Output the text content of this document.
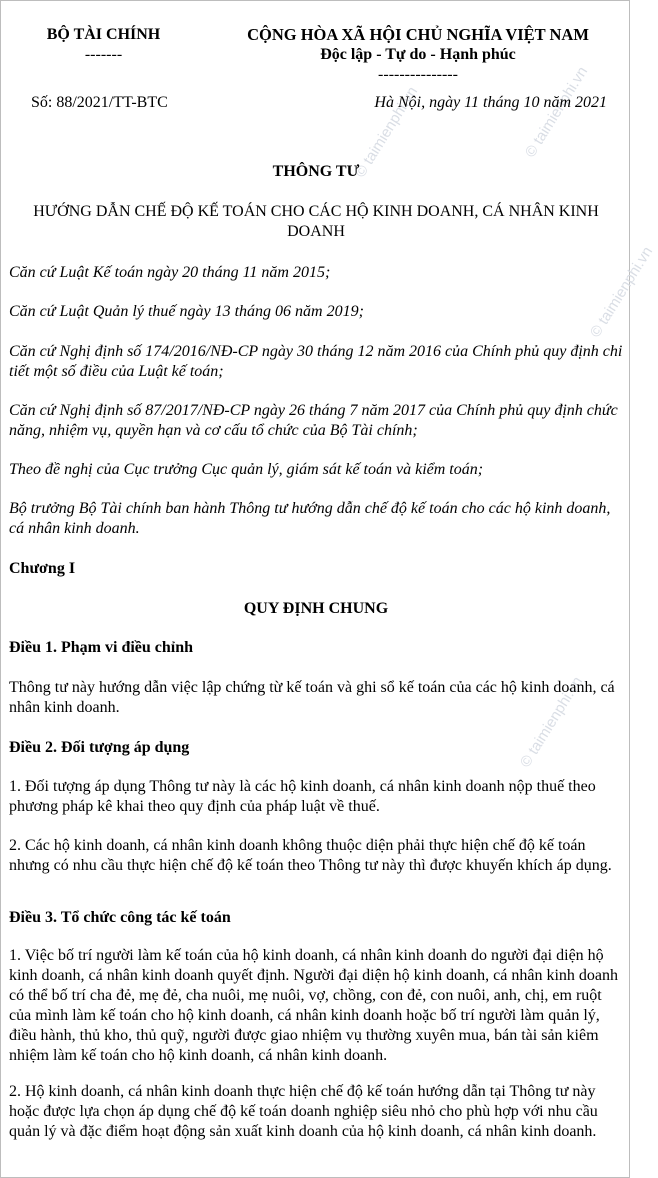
© taimienphi.vn
© taimienphi.vn
© taimienphi.vn
© taimienphi.vn
BỘ TÀI CHÍNH
-------
CỘNG HÒA XÃ HỘI CHỦ NGHĨA VIỆT NAM
Độc lập - Tự do - Hạnh phúc
---------------
Số: 88/2021/TT-BTC	Hà Nội, ngày 11 tháng 10 năm 2021
THÔNG TƯ
HƯỚNG DẪN CHẾ ĐỘ KẾ TOÁN CHO CÁC HỘ KINH DOANH, CÁ NHÂN KINH DOANH
Căn cứ Luật Kế toán ngày 20 tháng 11 năm 2015;
Căn cứ Luật Quản lý thuế ngày 13 tháng 06 năm 2019;
Căn cứ Nghị định số 174/2016/NĐ-CP ngày 30 tháng 12 năm 2016 của Chính phủ quy định chi tiết một số điều của Luật kế toán;
Căn cứ Nghị định số 87/2017/NĐ-CP ngày 26 tháng 7 năm 2017 của Chính phủ quy định chức năng, nhiệm vụ, quyền hạn và cơ cấu tổ chức của Bộ Tài chính;
Theo đề nghị của Cục trưởng Cục quản lý, giám sát kế toán và kiểm toán;
Bộ trưởng Bộ Tài chính ban hành Thông tư hướng dẫn chế độ kế toán cho các hộ kinh doanh, cá nhân kinh doanh.
Chương I
QUY ĐỊNH CHUNG
Điều 1. Phạm vi điều chỉnh
Thông tư này hướng dẫn việc lập chứng từ kế toán và ghi sổ kế toán của các hộ kinh doanh, cá nhân kinh doanh.
Điều 2. Đối tượng áp dụng
1. Đối tượng áp dụng Thông tư này là các hộ kinh doanh, cá nhân kinh doanh nộp thuế theo phương pháp kê khai theo quy định của pháp luật về thuế.
2. Các hộ kinh doanh, cá nhân kinh doanh không thuộc diện phải thực hiện chế độ kế toán nhưng có nhu cầu thực hiện chế độ kế toán theo Thông tư này thì được khuyến khích áp dụng.
Điều 3. Tổ chức công tác kế toán
1. Việc bố trí người làm kế toán của hộ kinh doanh, cá nhân kinh doanh do người đại diện hộ kinh doanh, cá nhân kinh doanh quyết định. Người đại diện hộ kinh doanh, cá nhân kinh doanh có thể bố trí cha đẻ, mẹ đẻ, cha nuôi, mẹ nuôi, vợ, chồng, con đẻ, con nuôi, anh, chị, em ruột của mình làm kế toán cho hộ kinh doanh, cá nhân kinh doanh hoặc bố trí người làm quản lý, điều hành, thủ kho, thủ quỹ, người được giao nhiệm vụ thường xuyên mua, bán tài sản kiêm nhiệm làm kế toán cho hộ kinh doanh, cá nhân kinh doanh.
2. Hộ kinh doanh, cá nhân kinh doanh thực hiện chế độ kế toán hướng dẫn tại Thông tư này hoặc được lựa chọn áp dụng chế độ kế toán doanh nghiệp siêu nhỏ cho phù hợp với nhu cầu quản lý và đặc điểm hoạt động sản xuất kinh doanh của hộ kinh doanh, cá nhân kinh doanh.
